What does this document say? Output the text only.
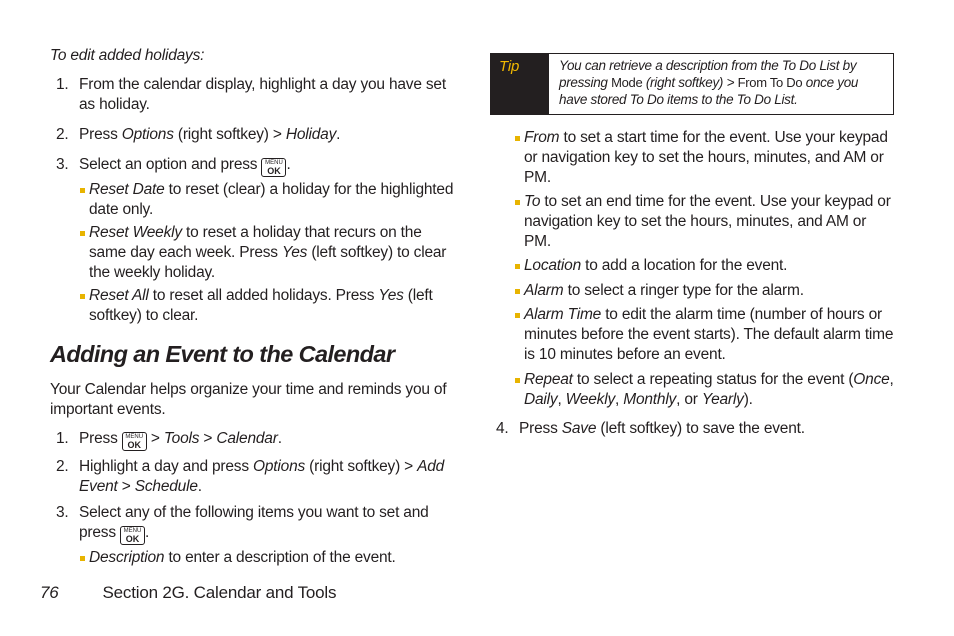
To edit added holidays:

1. From the calendar display, highlight a day you have set as holiday.
2. Press Options (right softkey) > Holiday.
3. Select an option and press MENU
OK .
Reset Date to reset (clear) a holiday for the highlighted date only.
Reset Weekly to reset a holiday that recurs on the same day each week. Press Yes (left softkey) to clear the weekly holiday.
Reset All to reset all added holidays. Press Yes (left softkey) to clear.
Adding an Event to the Calendar

Your Calendar helps organize your time and reminds you of important events.

1. Press MENU
OK > Tools > Calendar.
2. Highlight a day and press Options (right softkey) > Add Event > Schedule.
3. Select any of the following items you want to set and press MENU
OK .
Description to enter a description of the event.
Tip	You can retrieve a description from the To Do List by pressing Mode (right softkey) > From To Do once you have stored To Do items to the To Do List.
From to set a start time for the event. Use your keypad or navigation key to set the hours, minutes, and AM or PM.
To to set an end time for the event. Use your keypad or navigation key to set the hours, minutes, and AM or PM.
Location to add a location for the event.
Alarm to select a ringer type for the alarm.
Alarm Time to edit the alarm time (number of hours or minutes before the event starts). The default alarm time is 10 minutes before an event.
Repeat to select a repeating status for the event (Once, Daily, Weekly, Monthly, or Yearly).
4. Press Save (left softkey) to save the event.
76	Section 2G. Calendar and Tools
